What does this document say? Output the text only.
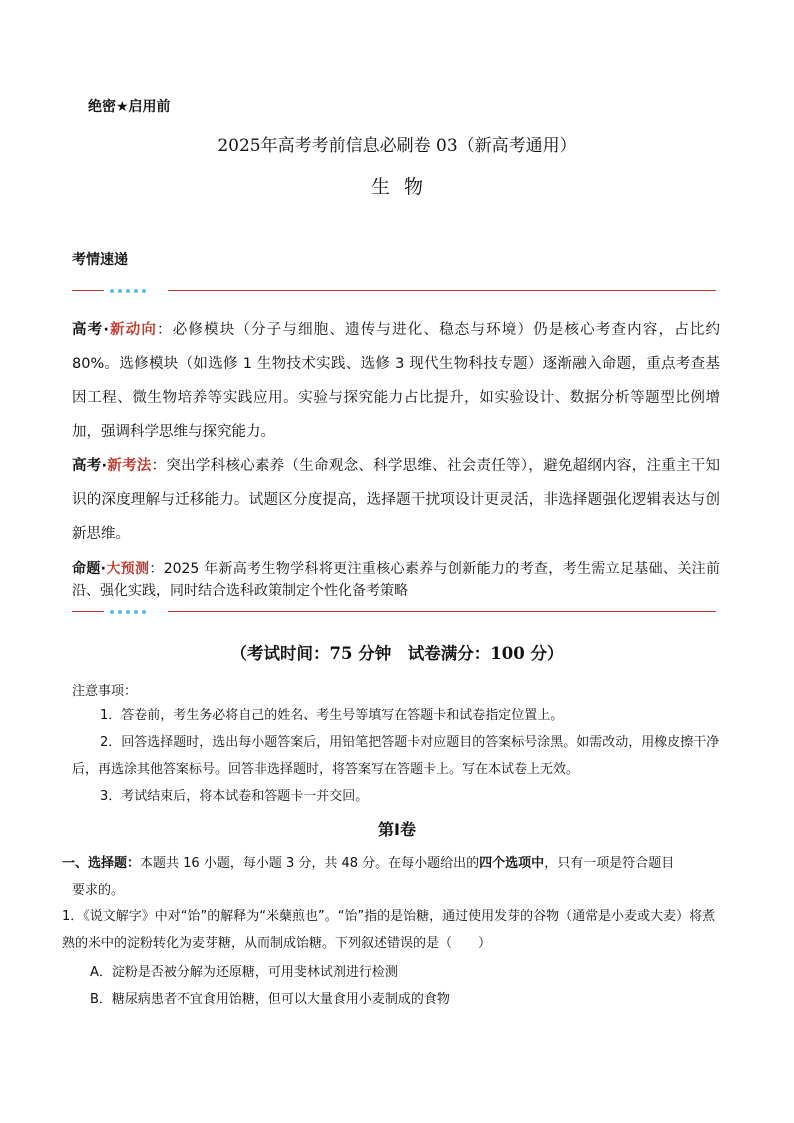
绝密★启用前
2025年高考考前信息必刷卷 03（新高考通用）
生物
考情速递
高考·新动向：必修模块（分子与细胞、遗传与进化、稳态与环境）仍是核心考查内容，占比约 80%。选修模块（如选修 1 生物技术实践、选修 3 现代生物科技专题）逐渐融入命题，重点考查基因工程、微生物培养等实践应用。实验与探究能力占比提升，如实验设计、数据分析等题型比例增加，强调科学思维与探究能力。
高考·新考法：突出学科核心素养（生命观念、科学思维、社会责任等），避免超纲内容，注重主干知识的深度理解与迁移能力。试题区分度提高，选择题干扰项设计更灵活，非选择题强化逻辑表达与创新思维。
命题·大预测：2025 年新高考生物学科将更注重核心素养与创新能力的考查，考生需立足基础、关注前沿、强化实践，同时结合选科政策制定个性化备考策略
（考试时间：75 分钟　试卷满分：100 分）
注意事项：
1．答卷前，考生务必将自己的姓名、考生号等填写在答题卡和试卷指定位置上。
2．回答选择题时，选出每小题答案后，用铅笔把答题卡对应题目的答案标号涂黑。如需改动，用橡皮擦干净后，再选涂其他答案标号。回答非选择题时，将答案写在答题卡上。写在本试卷上无效。
3．考试结束后，将本试卷和答题卡一并交回。
第Ⅰ卷
一、选择题：本题共 16 小题，每小题 3 分，共 48 分。在每小题给出的四个选项中，只有一项是符合题目
要求的。
1．《说文解字》中对“饴”的解释为“米蘖煎也”。“饴”指的是饴糖，通过使用发芽的谷物（通常是小麦或大麦）将煮熟的米中的淀粉转化为麦芽糖，从而制成饴糖。下列叙述错误的是（　　）
A．淀粉是否被分解为还原糖，可用斐林试剂进行检测
B．糖尿病患者不宜食用饴糖，但可以大量食用小麦制成的食物
